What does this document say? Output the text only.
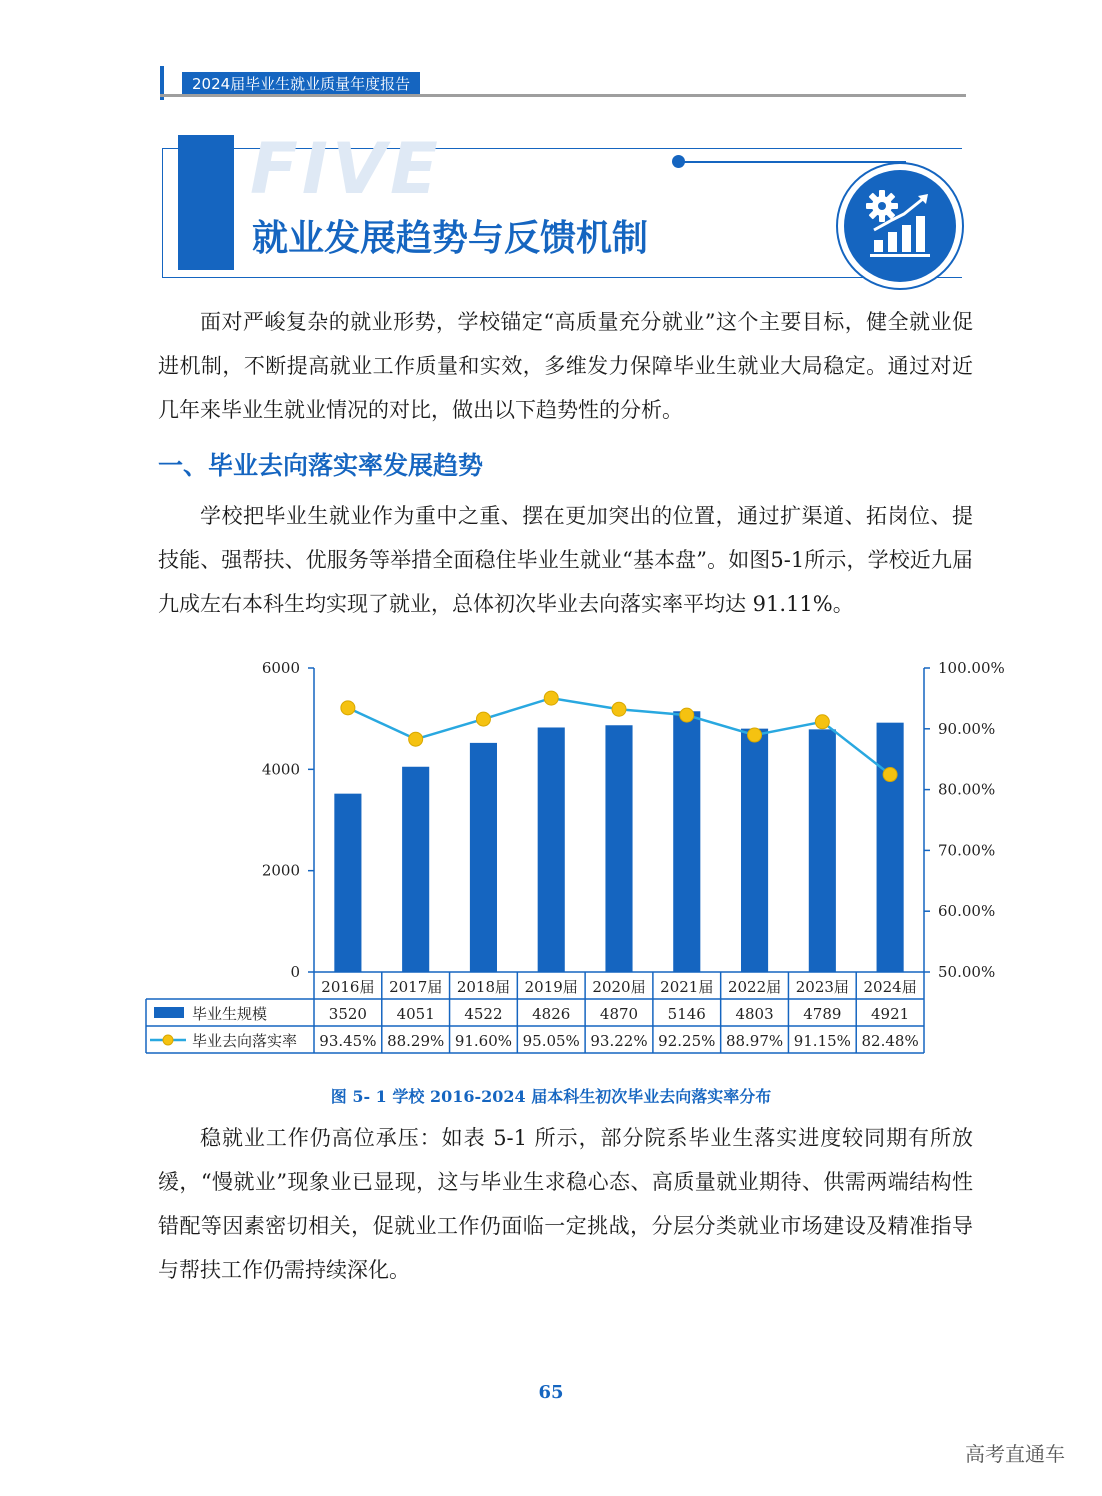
2024届毕业生就业质量年度报告
FIVE
就业发展趋势与反馈机制

面对严峻复杂的就业形势，学校锚定“高质量充分就业”这个主要目标，健全就业促进机制，不断提高就业工作质量和实效，多维发力保障毕业生就业大局稳定。通过对近几年来毕业生就业情况的对比，做出以下趋势性的分析。

一、毕业去向落实率发展趋势

学校把毕业生就业作为重中之重、摆在更加突出的位置，通过扩渠道、拓岗位、提技能、强帮扶、优服务等举措全面稳住毕业生就业“基本盘”。如图5-1所示，学校近九届九成左右本科生均实现了就业，总体初次毕业去向落实率平均达 91.11%。

0
2000
4000
6000
50.00%
60.00%
70.00%
80.00%
90.00%
100.00%
2016届 2017届 2018届 2019届 2020届 2021届 2022届 2023届 2024届
毕业生规模
毕业去向落实率
3520 4051 4522 4826 4870 5146 4803 4789 4921
93.45% 88.29% 91.60% 95.05% 93.22% 92.25% 88.97% 91.15% 82.48%
图 5- 1 学校 2016-2024 届本科生初次毕业去向落实率分布

稳就业工作仍高位承压：如表 5-1 所示，部分院系毕业生落实进度较同期有所放缓，“慢就业”现象业已显现，这与毕业生求稳心态、高质量就业期待、供需两端结构性错配等因素密切相关，促就业工作仍面临一定挑战，分层分类就业市场建设及精准指导与帮扶工作仍需持续深化。

65
高考直通车
